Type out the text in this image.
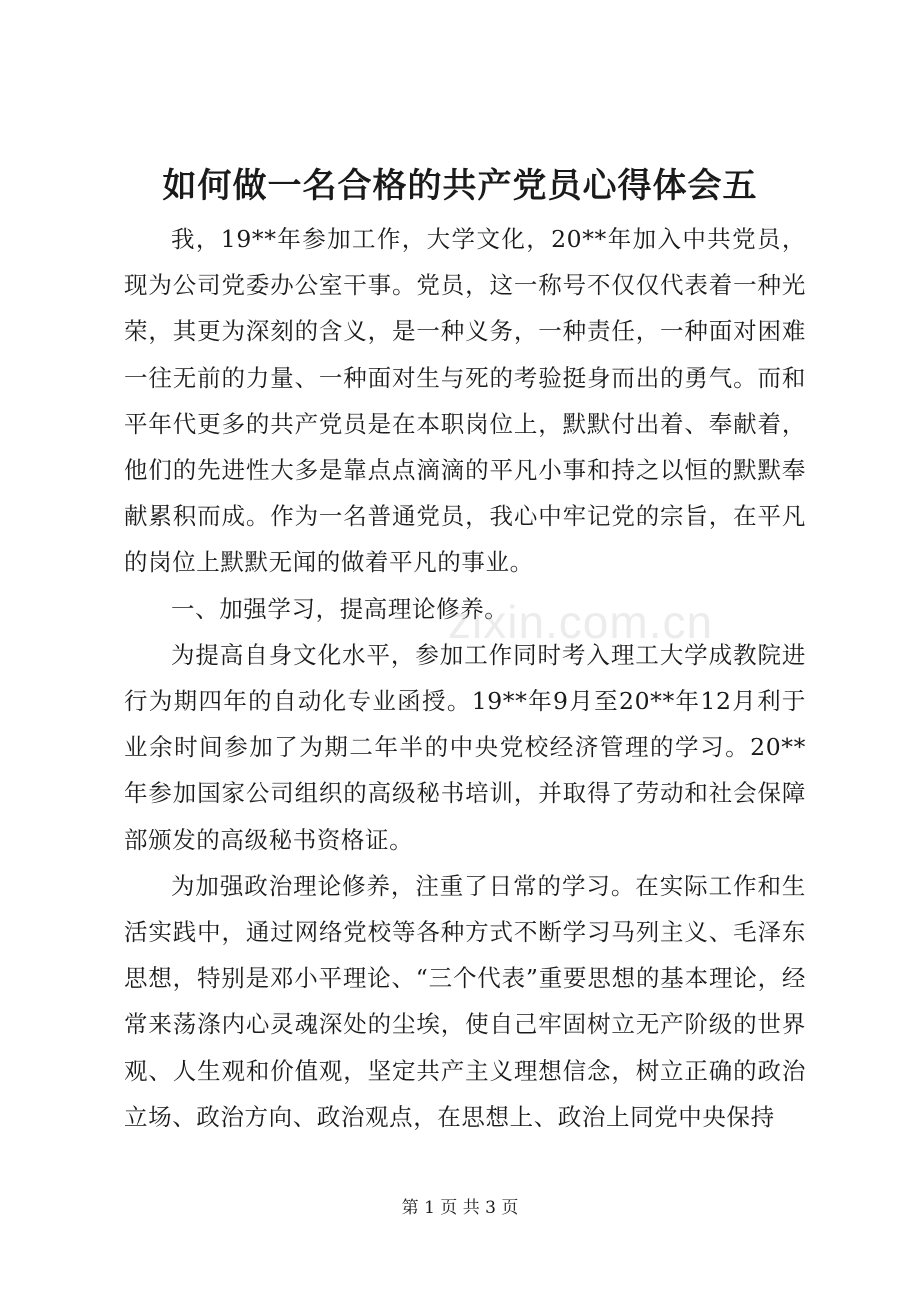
如何做一名合格的共产党员心得体会五

我，19**年参加工作，大学文化，20**年加入中共党员，现为公司党委办公室干事。党员，这一称号不仅仅代表着一种光荣，其更为深刻的含义，是一种义务，一种责任，一种面对困难一往无前的力量、一种面对生与死的考验挺身而出的勇气。而和平年代更多的共产党员是在本职岗位上，默默付出着、奉献着，他们的先进性大多是靠点点滴滴的平凡小事和持之以恒的默默奉献累积而成。作为一名普通党员，我心中牢记党的宗旨，在平凡的岗位上默默无闻的做着平凡的事业。

一、加强学习，提高理论修养。

为提高自身文化水平，参加工作同时考入理工大学成教院进行为期四年的自动化专业函授。19**年9月至20**年12月利于业余时间参加了为期二年半的中央党校经济管理的学习。20**年参加国家公司组织的高级秘书培训，并取得了劳动和社会保障部颁发的高级秘书资格证。

为加强政治理论修养，注重了日常的学习。在实际工作和生活实践中，通过网络党校等各种方式不断学习马列主义、毛泽东思想，特别是邓小平理论、“三个代表”重要思想的基本理论，经常来荡涤内心灵魂深处的尘埃，使自己牢固树立无产阶级的世界观、人生观和价值观，坚定共产主义理想信念，树立正确的政治立场、政治方向、政治观点，在思想上、政治上同党中央保持

zixin.com.cn
第 1 页 共 3 页
